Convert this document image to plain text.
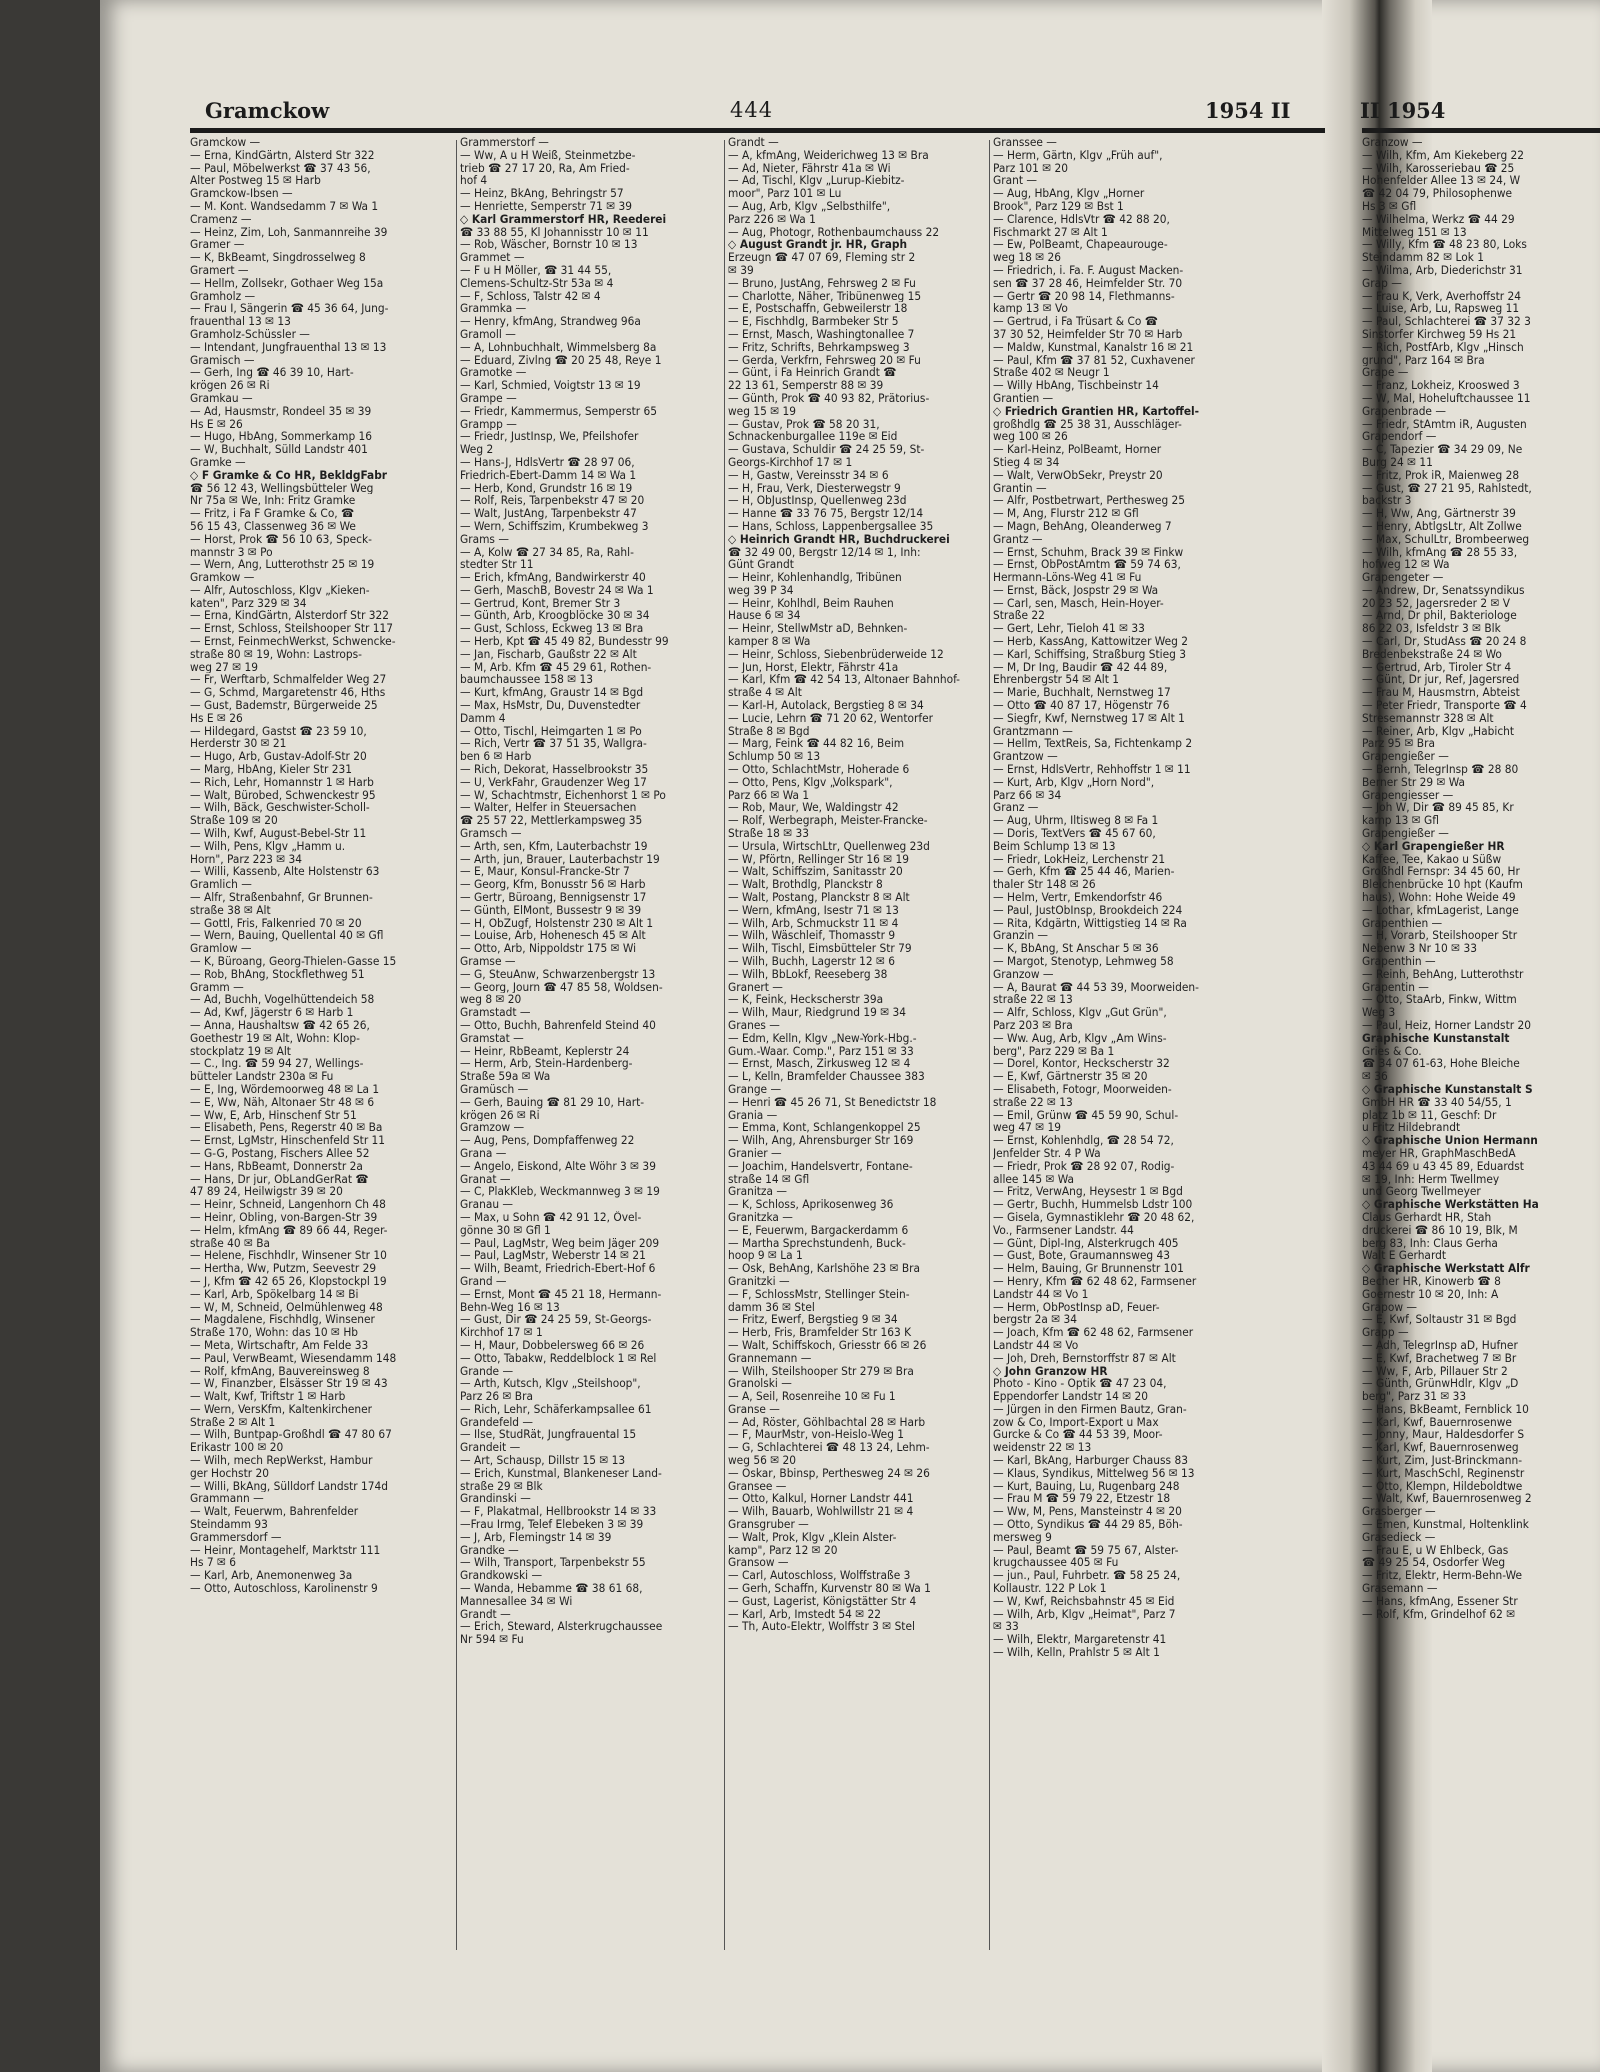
Gramckow	444	1954 II	II 1954
Gramckow —
— Erna, KindGärtn, Alsterd Str 322
— Paul, Möbelwerkst ☎ 37 43 56,
Alter Postweg 15 ✉ Harb
Gramckow-Ibsen —
— M. Kont. Wandsedamm 7 ✉ Wa 1
Cramenz —
— Heinz, Zim, Loh, Sanmannreihe 39
Gramer —
— K, BkBeamt, Singdrosselweg 8
Gramert —
— Hellm, Zollsekr, Gothaer Weg 15a
Gramholz —
— Frau I, Sängerin ☎ 45 36 64, Jung-
frauenthal 13 ✉ 13
Gramholz-Schüssler —
— Intendant, Jungfrauenthal 13 ✉ 13
Gramisch —
— Gerh, Ing ☎ 46 39 10, Hart-
krögen 26 ✉ Ri
Gramkau —
— Ad, Hausmstr, Rondeel 35 ✉ 39
Hs E ✉ 26
— Hugo, HbAng, Sommerkamp 16
— W, Buchhalt, Sülld Landstr 401
Gramke —
◇ F Gramke & Co HR, BekldgFabr
☎ 56 12 43, Wellingsbütteler Weg
Nr 75a ✉ We, Inh: Fritz Gramke
— Fritz, i Fa F Gramke & Co, ☎
56 15 43, Classenweg 36 ✉ We
— Horst, Prok ☎ 56 10 63, Speck-
mannstr 3 ✉ Po
— Wern, Ang, Lutterothstr 25 ✉ 19
Gramkow —
— Alfr, Autoschloss, Klgv „Kieken-
katen", Parz 329 ✉ 34
— Erna, KindGärtn, Alsterdorf Str 322
— Ernst, Schloss, Steilshooper Str 117
— Ernst, FeinmechWerkst, Schwencke-
straße 80 ✉ 19, Wohn: Lastrops-
weg 27 ✉ 19
— Fr, Werftarb, Schmalfelder Weg 27
— G, Schmd, Margaretenstr 46, Hths
— Gust, Bademstr, Bürgerweide 25
Hs E ✉ 26
— Hildegard, Gastst ☎ 23 59 10,
Herderstr 30 ✉ 21
— Hugo, Arb, Gustav-Adolf-Str 20
— Marg, HbAng, Kieler Str 231
— Rich, Lehr, Homannstr 1 ✉ Harb
— Walt, Bürobed, Schwenckestr 95
— Wilh, Bäck, Geschwister-Scholl-
Straße 109 ✉ 20
— Wilh, Kwf, August-Bebel-Str 11
— Wilh, Pens, Klgv „Hamm u.
Horn", Parz 223 ✉ 34
— Willi, Kassenb, Alte Holstenstr 63
Gramlich —
— Alfr, Straßenbahnf, Gr Brunnen-
straße 38 ✉ Alt
— Gottl, Fris, Falkenried 70 ✉ 20
— Wern, Bauing, Quellental 40 ✉ Gfl
Gramlow —
— K, Büroang, Georg-Thielen-Gasse 15
— Rob, BhAng, Stockflethweg 51
Gramm —
— Ad, Buchh, Vogelhüttendeich 58
— Ad, Kwf, Jägerstr 6 ✉ Harb 1
— Anna, Haushaltsw ☎ 42 65 26,
Goethestr 19 ✉ Alt, Wohn: Klop-
stockplatz 19 ✉ Alt
— C., Ing. ☎ 59 94 27, Wellings-
bütteler Landstr 230a ✉ Fu
— E, Ing, Wördemoorweg 48 ✉ La 1
— E, Ww, Näh, Altonaer Str 48 ✉ 6
— Ww, E, Arb, Hinschenf Str 51
— Elisabeth, Pens, Regerstr 40 ✉ Ba
— Ernst, LgMstr, Hinschenfeld Str 11
— G-G, Postang, Fischers Allee 52
— Hans, RbBeamt, Donnerstr 2a
— Hans, Dr jur, ObLandGerRat ☎
47 89 24, Heilwigstr 39 ✉ 20
— Heinr, Schneid, Langenhorn Ch 48
— Heinr, Obling, von-Bargen-Str 39
— Helm, kfmAng ☎ 89 66 44, Reger-
straße 40 ✉ Ba
— Helene, Fischhdlr, Winsener Str 10
— Hertha, Ww, Putzm, Seevestr 29
— J, Kfm ☎ 42 65 26, Klopstockpl 19
— Karl, Arb, Spökelbarg 14 ✉ Bi
— W, M, Schneid, Oelmühlenweg 48
— Magdalene, Fischhdlg, Winsener
Straße 170, Wohn: das 10 ✉ Hb
— Meta, Wirtschaftr, Am Felde 33
— Paul, VerwBeamt, Wiesendamm 148
— Rolf, kfmAng, Bauvereinsweg 8
— W, Finanzber, Elsässer Str 19 ✉ 43
— Walt, Kwf, Triftstr 1 ✉ Harb
— Wern, VersKfm, Kaltenkirchener
Straße 2 ✉ Alt 1
— Wilh, Buntpap-Großhdl ☎ 47 80 67
Erikastr 100 ✉ 20
— Wilh, mech RepWerkst, Hambur
ger Hochstr 20
— Willi, BkAng, Sülldorf Landstr 174d
Grammann —
— Walt, Feuerwm, Bahrenfelder
Steindamm 93
Grammersdorf —
— Heinr, Montagehelf, Marktstr 111
Hs 7 ✉ 6
— Karl, Arb, Anemonenweg 3a
— Otto, Autoschloss, Karolinenstr 9
Grammerstorf —
— Ww, A u H Weiß, Steinmetzbe-
trieb ☎ 27 17 20, Ra, Am Fried-
hof 4
— Heinz, BkAng, Behringstr 57
— Henriette, Semperstr 71 ✉ 39
◇ Karl Grammerstorf HR, Reederei
☎ 33 88 55, Kl Johannisstr 10 ✉ 11
— Rob, Wäscher, Bornstr 10 ✉ 13
Grammet —
— F u H Möller, ☎ 31 44 55,
Clemens-Schultz-Str 53a ✉ 4
— F, Schloss, Talstr 42 ✉ 4
Grammka —
— Henry, kfmAng, Strandweg 96a
Gramoll —
— A, Lohnbuchhalt, Wimmelsberg 8a
— Eduard, Zivlng ☎ 20 25 48, Reye 1
Gramotke —
— Karl, Schmied, Voigtstr 13 ✉ 19
Grampe —
— Friedr, Kammermus, Semperstr 65
Grampp —
— Friedr, JustInsp, We, Pfeilshofer
Weg 2
— Hans-J, HdlsVertr ☎ 28 97 06,
Friedrich-Ebert-Damm 14 ✉ Wa 1
— Herb, Kond, Grundstr 16 ✉ 19
— Rolf, Reis, Tarpenbekstr 47 ✉ 20
— Walt, JustAng, Tarpenbekstr 47
— Wern, Schiffszim, Krumbekweg 3
Grams —
— A, Kolw ☎ 27 34 85, Ra, Rahl-
stedter Str 11
— Erich, kfmAng, Bandwirkerstr 40
— Gerh, MaschB, Bovestr 24 ✉ Wa 1
— Gertrud, Kont, Bremer Str 3
— Günth, Arb, Kroogblöcke 30 ✉ 34
— Gust, Schloss, Eckweg 13 ✉ Bra
— Herb, Kpt ☎ 45 49 82, Bundesstr 99
— Jan, Fischarb, Gaußstr 22 ✉ Alt
— M, Arb. Kfm ☎ 45 29 61, Rothen-
baumchaussee 158 ✉ 13
— Kurt, kfmAng, Graustr 14 ✉ Bgd
— Max, HsMstr, Du, Duvenstedter
Damm 4
— Otto, Tischl, Heimgarten 1 ✉ Po
— Rich, Vertr ☎ 37 51 35, Wallgra-
ben 6 ✉ Harb
— Rich, Dekorat, Hasselbrookstr 35
— U, VerkFahr, Graudenzer Weg 17
— W, Schachtmstr, Eichenhorst 1 ✉ Po
— Walter, Helfer in Steuersachen
☎ 25 57 22, Mettlerkampsweg 35
Gramsch —
— Arth, sen, Kfm, Lauterbachstr 19
— Arth, jun, Brauer, Lauterbachstr 19
— E, Maur, Konsul-Francke-Str 7
— Georg, Kfm, Bonusstr 56 ✉ Harb
— Gertr, Büroang, Bennigsenstr 17
— Günth, ElMont, Bussestr 9 ✉ 39
— H, ObZugf, Holstenstr 230 ✉ Alt 1
— Louise, Arb, Hohenesch 45 ✉ Alt
— Otto, Arb, Nippoldstr 175 ✉ Wi
Gramse —
— G, SteuAnw, Schwarzenbergstr 13
— Georg, Journ ☎ 47 85 58, Woldsen-
weg 8 ✉ 20
Gramstadt —
— Otto, Buchh, Bahrenfeld Steind 40
Gramstat —
— Heinr, RbBeamt, Keplerstr 24
— Herm, Arb, Stein-Hardenberg-
Straße 59a ✉ Wa
Gramüsch —
— Gerh, Bauing ☎ 81 29 10, Hart-
krögen 26 ✉ Ri
Gramzow —
— Aug, Pens, Dompfaffenweg 22
Grana —
— Angelo, Eiskond, Alte Wöhr 3 ✉ 39
Granat —
— C, PlakKleb, Weckmannweg 3 ✉ 19
Granau —
— Max, u Sohn ☎ 42 91 12, Övel-
gönne 30 ✉ Gfl 1
— Paul, LagMstr, Weg beim Jäger 209
— Paul, LagMstr, Weberstr 14 ✉ 21
— Wilh, Beamt, Friedrich-Ebert-Hof 6
Grand —
— Ernst, Mont ☎ 45 21 18, Hermann-
Behn-Weg 16 ✉ 13
— Gust, Dir ☎ 24 25 59, St-Georgs-
Kirchhof 17 ✉ 1
— H, Maur, Dobbelersweg 66 ✉ 26
— Otto, Tabakw, Reddelblock 1 ✉ Rel
Grande —
— Arth, Kutsch, Klgv „Steilshoop",
Parz 26 ✉ Bra
— Rich, Lehr, Schäferkampsallee 61
Grandefeld —
— Ilse, StudRät, Jungfrauental 15
Grandeit —
— Art, Schausp, Dillstr 15 ✉ 13
— Erich, Kunstmal, Blankeneser Land-
straße 29 ✉ Blk
Grandinski —
— F, Plakatmal, Hellbrookstr 14 ✉ 33
—Frau Irmg, Telef Elebeken 3 ✉ 39
— J, Arb, Flemingstr 14 ✉ 39
Grandke —
— Wilh, Transport, Tarpenbekstr 55
Grandkowski —
— Wanda, Hebamme ☎ 38 61 68,
Mannesallee 34 ✉ Wi
Grandt —
— Erich, Steward, Alsterkrugchaussee
Nr 594 ✉ Fu
Grandt —
— A, kfmAng, Weiderichweg 13 ✉ Bra
— Ad, Nieter, Fährstr 41a ✉ Wi
— Ad, Tischl, Klgv „Lurup-Kiebitz-
moor", Parz 101 ✉ Lu
— Aug, Arb, Klgv „Selbsthilfe",
Parz 226 ✉ Wa 1
— Aug, Photogr, Rothenbaumchauss 22
◇ August Grandt jr. HR, Graph
Erzeugn ☎ 47 07 69, Fleming str 2
✉ 39
— Bruno, JustAng, Fehrsweg 2 ✉ Fu
— Charlotte, Näher, Tribünenweg 15
— E, Postschaffn, Gebweilerstr 18
— E, Fischhdlg, Barmbeker Str 5
— Ernst, Masch, Washingtonallee 7
— Fritz, Schrifts, Behrkampsweg 3
— Gerda, Verkfrn, Fehrsweg 20 ✉ Fu
— Günt, i Fa Heinrich Grandt ☎
22 13 61, Semperstr 88 ✉ 39
— Günth, Prok ☎ 40 93 82, Prätorius-
weg 15 ✉ 19
— Gustav, Prok ☎ 58 20 31,
Schnackenburgallee 119e ✉ Eid
— Gustava, Schuldir ☎ 24 25 59, St-
Georgs-Kirchhof 17 ✉ 1
— H, Gastw, Vereinsstr 34 ✉ 6
— H, Frau, Verk, Diesterwegstr 9
— H, ObJustInsp, Quellenweg 23d
— Hanne ☎ 33 76 75, Bergstr 12/14
— Hans, Schloss, Lappenbergsallee 35
◇ Heinrich Grandt HR, Buchdruckerei
☎ 32 49 00, Bergstr 12/14 ✉ 1, Inh:
Günt Grandt
— Heinr, Kohlenhandlg, Tribünen
weg 39 P 34
— Heinr, Kohlhdl, Beim Rauhen
Hause 6 ✉ 34
— Heinr, StellwMstr aD, Behnken-
kamper 8 ✉ Wa
— Heinr, Schloss, Siebenbrüderweide 12
— Jun, Horst, Elektr, Fährstr 41a
— Karl, Kfm ☎ 42 54 13, Altonaer Bahnhof-
straße 4 ✉ Alt
— Karl-H, Autolack, Bergstieg 8 ✉ 34
— Lucie, Lehrn ☎ 71 20 62, Wentorfer
Straße 8 ✉ Bgd
— Marg, Feink ☎ 44 82 16, Beim
Schlump 50 ✉ 13
— Otto, SchlachtMstr, Hoherade 6
— Otto, Pens, Klgv „Volkspark",
Parz 66 ✉ Wa 1
— Rob, Maur, We, Waldingstr 42
— Rolf, Werbegraph, Meister-Francke-
Straße 18 ✉ 33
— Ursula, WirtschLtr, Quellenweg 23d
— W, Pförtn, Rellinger Str 16 ✉ 19
— Walt, Schiffszim, Sanitasstr 20
— Walt, Brothdlg, Planckstr 8
— Walt, Postang, Planckstr 8 ✉ Alt
— Wern, kfmAng, Isestr 71 ✉ 13
— Wilh, Arb, Schmuckstr 11 ✉ 4
— Wilh, Wäschleif, Thomasstr 9
— Wilh, Tischl, Eimsbütteler Str 79
— Wilh, Buchh, Lagerstr 12 ✉ 6
— Wilh, BbLokf, Reeseberg 38
Granert —
— K, Feink, Heckscherstr 39a
— Wilh, Maur, Riedgrund 19 ✉ 34
Granes —
— Edm, Kelln, Klgv „New-York-Hbg.-
Gum.-Waar. Comp.", Parz 151 ✉ 33
— Ernst, Masch, Zirkusweg 12 ✉ 4
— L, Kelln, Bramfelder Chaussee 383
Grange —
— Henri ☎ 45 26 71, St Benedictstr 18
Grania —
— Emma, Kont, Schlangenkoppel 25
— Wilh, Ang, Ahrensburger Str 169
Granier —
— Joachim, Handelsvertr, Fontane-
straße 14 ✉ Gfl
Granitza —
— K, Schloss, Aprikosenweg 36
Granitzka —
— E, Feuerwm, Bargackerdamm 6
— Martha Sprechstundenh, Buck-
hoop 9 ✉ La 1
— Osk, BehAng, Karlshöhe 23 ✉ Bra
Granitzki —
— F, SchlossMstr, Stellinger Stein-
damm 36 ✉ Stel
— Fritz, Ewerf, Bergstieg 9 ✉ 34
— Herb, Fris, Bramfelder Str 163 K
— Walt, Schiffskoch, Griesstr 66 ✉ 26
Grannemann —
— Wilh, Steilshooper Str 279 ✉ Bra
Granolski —
— A, Seil, Rosenreihe 10 ✉ Fu 1
Granse —
— Ad, Röster, Göhlbachtal 28 ✉ Harb
— F, MaurMstr, von-Heislo-Weg 1
— G, Schlachterei ☎ 48 13 24, Lehm-
weg 56 ✉ 20
— Oskar, Bbinsp, Perthesweg 24 ✉ 26
Gransee —
— Otto, Kalkul, Horner Landstr 441
— Wilh, Bauarb, Wohlwillstr 21 ✉ 4
Gransgruber —
— Walt, Prok, Klgv „Klein Alster-
kamp", Parz 12 ✉ 20
Gransow —
— Carl, Autoschloss, Wolffstraße 3
— Gerh, Schaffn, Kurvenstr 80 ✉ Wa 1
— Gust, Lagerist, Königstätter Str 4
— Karl, Arb, Imstedt 54 ✉ 22
— Th, Auto-Elektr, Wolffstr 3 ✉ Stel
Granssee —
— Herm, Gärtn, Klgv „Früh auf",
Parz 101 ✉ 20
Grant —
— Aug, HbAng, Klgv „Horner
Brook", Parz 129 ✉ Bst 1
— Clarence, HdlsVtr ☎ 42 88 20,
Fischmarkt 27 ✉ Alt 1
— Ew, PolBeamt, Chapeaurouge-
weg 18 ✉ 26
— Friedrich, i. Fa. F. August Macken-
sen ☎ 37 28 46, Heimfelder Str. 70
— Gertr ☎ 20 98 14, Flethmanns-
kamp 13 ✉ Vo
— Gertrud, i Fa Trüsart & Co ☎
37 30 52, Heimfelder Str 70 ✉ Harb
— Maldw, Kunstmal, Kanalstr 16 ✉ 21
— Paul, Kfm ☎ 37 81 52, Cuxhavener
Straße 402 ✉ Neugr 1
— Willy HbAng, Tischbeinstr 14
Grantien —
◇ Friedrich Grantien HR, Kartoffel-
großhdlg ☎ 25 38 31, Ausschläger-
weg 100 ✉ 26
— Karl-Heinz, PolBeamt, Horner
Stieg 4 ✉ 34
— Walt, VerwObSekr, Preystr 20
Grantin —
— Alfr, Postbetrwart, Perthesweg 25
— M, Ang, Flurstr 212 ✉ Gfl
— Magn, BehAng, Oleanderweg 7
Grantz —
— Ernst, Schuhm, Brack 39 ✉ Finkw
— Ernst, ObPostAmtm ☎ 59 74 63,
Hermann-Löns-Weg 41 ✉ Fu
— Ernst, Bäck, Jospstr 29 ✉ Wa
— Carl, sen, Masch, Hein-Hoyer-
Straße 22
— Gert, Lehr, Tieloh 41 ✉ 33
— Herb, KassAng, Kattowitzer Weg 2
— Karl, Schiffsing, Straßburg Stieg 3
— M, Dr Ing, Baudir ☎ 42 44 89,
Ehrenbergstr 54 ✉ Alt 1
— Marie, Buchhalt, Nernstweg 17
— Otto ☎ 40 87 17, Högenstr 76
— Siegfr, Kwf, Nernstweg 17 ✉ Alt 1
Grantzmann —
— Hellm, TextReis, Sa, Fichtenkamp 2
Grantzow —
— Ernst, HdlsVertr, Rehhoffstr 1 ✉ 11
— Kurt, Arb, Klgv „Horn Nord",
Parz 66 ✉ 34
Granz —
— Aug, Uhrm, Iltisweg 8 ✉ Fa 1
— Doris, TextVers ☎ 45 67 60,
Beim Schlump 13 ✉ 13
— Friedr, LokHeiz, Lerchenstr 21
— Gerh, Kfm ☎ 25 44 46, Marien-
thaler Str 148 ✉ 26
— Helm, Vertr, Emkendorfstr 46
— Paul, JustObInsp, Brookdeich 224
— Rita, Kdgärtn, Wittigstieg 14 ✉ Ra
Granzin —
— K, BbAng, St Anschar 5 ✉ 36
— Margot, Stenotyp, Lehmweg 58
Granzow —
— A, Baurat ☎ 44 53 39, Moorweiden-
straße 22 ✉ 13
— Alfr, Schloss, Klgv „Gut Grün",
Parz 203 ✉ Bra
— Ww. Aug, Arb, Klgv „Am Wins-
berg", Parz 229 ✉ Ba 1
— Dorel, Kontor, Heckscherstr 32
— E, Kwf, Gärtnerstr 35 ✉ 20
— Elisabeth, Fotogr, Moorweiden-
straße 22 ✉ 13
— Emil, Grünw ☎ 45 59 90, Schul-
weg 47 ✉ 19
— Ernst, Kohlenhdlg, ☎ 28 54 72,
Jenfelder Str. 4 P Wa
— Friedr, Prok ☎ 28 92 07, Rodig-
allee 145 ✉ Wa
— Fritz, VerwAng, Heysestr 1 ✉ Bgd
— Gertr, Buchh, Hummelsb Ldstr 100
— Gisela, Gymnastiklehr ☎ 20 48 62,
Vo., Farmsener Landstr. 44
— Günt, Dipl-Ing, Alsterkrugch 405
— Gust, Bote, Graumannsweg 43
— Helm, Bauing, Gr Brunnenstr 101
— Henry, Kfm ☎ 62 48 62, Farmsener
Landstr 44 ✉ Vo 1
— Herm, ObPostInsp aD, Feuer-
bergstr 2a ✉ 34
— Joach, Kfm ☎ 62 48 62, Farmsener
Landstr 44 ✉ Vo
— Joh, Dreh, Bernstorffstr 87 ✉ Alt
◇ John Granzow HR
Photo - Kino - Optik ☎ 47 23 04,
Eppendorfer Landstr 14 ✉ 20
— Jürgen in den Firmen Bautz, Gran-
zow & Co, Import-Export u Max
Gurcke & Co ☎ 44 53 39, Moor-
weidenstr 22 ✉ 13
— Karl, BkAng, Harburger Chauss 83
— Klaus, Syndikus, Mittelweg 56 ✉ 13
— Kurt, Bauing, Lu, Rugenbarg 248
— Frau M ☎ 59 79 22, Etzestr 18
— Ww, M, Pens, Mansteinstr 4 ✉ 20
— Otto, Syndikus ☎ 44 29 85, Böh-
mersweg 9
— Paul, Beamt ☎ 59 75 67, Alster-
krugchaussee 405 ✉ Fu
— jun., Paul, Fuhrbetr. ☎ 58 25 24,
Kollaustr. 122 P Lok 1
— W, Kwf, Reichsbahnstr 45 ✉ Eid
— Wilh, Arb, Klgv „Heimat", Parz 7
✉ 33
— Wilh, Elektr, Margaretenstr 41
— Wilh, Kelln, Prahlstr 5 ✉ Alt 1
Granzow —
— Wilh, Kfm, Am Kiekeberg 22
— Wilh, Karosseriebau ☎ 25
Hohenfelder Allee 13 ✉ 24, W
☎ 42 04 79, Philosophenwe
Hs 3 ✉ Gfl
— Wilhelma, Werkz ☎ 44 29
Mittelweg 151 ✉ 13
— Willy, Kfm ☎ 48 23 80, Loks
Steindamm 82 ✉ Lok 1
— Wilma, Arb, Diederichstr 31
Grap —
— Frau K, Verk, Averhoffstr 24
— Luise, Arb, Lu, Rapsweg 11
— Paul, Schlachterei ☎ 37 32 3
Sinstorfer Kirchweg 59 Hs 21
— Rich, PostfArb, Klgv „Hinsch
grund", Parz 164 ✉ Bra
Grape —
— Franz, Lokheiz, Krooswed 3
— W, Mal, Hoheluftchaussee 11
Grapenbrade —
— Friedr, StAmtm iR, Augusten
Grapendorf —
— C, Tapezier ☎ 34 29 09, Ne
Burg 24 ✉ 11
— Fritz, Prok iR, Maienweg 28
— Gust, ☎ 27 21 95, Rahlstedt,
backstr 3
— H, Ww, Ang, Gärtnerstr 39
— Henry, AbtlgsLtr, Alt Zollwe
— Max, SchulLtr, Brombeerweg
— Wilh, kfmAng ☎ 28 55 33,
hofweg 12 ✉ Wa
Grapengeter —
— Andrew, Dr, Senatssyndikus
20 23 52, Jagersreder 2 ✉ V
— Arnd, Dr phil, Bakteriologe
86 22 03, Isfeldstr 3 ✉ Blk
— Carl, Dr, StudAss ☎ 20 24 8
Bredenbekstraße 24 ✉ Wo
— Gertrud, Arb, Tiroler Str 4
— Günt, Dr jur, Ref, Jagersred
— Frau M, Hausmstrn, Abteist
— Peter Friedr, Transporte ☎ 4
Stresemannstr 328 ✉ Alt
— Reiner, Arb, Klgv „Habicht
Parz 95 ✉ Bra
Grapengießer —
— Bernh, TelegrInsp ☎ 28 80
Berner Str 29 ✉ Wa
Grapengiesser —
— Joh W, Dir ☎ 89 45 85, Kr
kamp 13 ✉ Gfl
Grapengießer —
◇ Karl Grapengießer HR
Kaffee, Tee, Kakao u Süßw
Großhdl Fernspr: 34 45 60, Hr
Bleichenbrücke 10 hpt (Kaufm
haus), Wohn: Hohe Weide 49
— Lothar, kfmLagerist, Lange
Grapenthien —
— H, Vorarb, Steilshooper Str
Nebenw 3 Nr 10 ✉ 33
Grapenthin —
— Reinh, BehAng, Lutterothstr
Grapentin —
— Otto, StaArb, Finkw, Wittm
Weg 3
— Paul, Heiz, Horner Landstr 20
Graphische Kunstanstalt
Gries & Co.
☎ 34 07 61-63, Hohe Bleiche
✉ 36
◇ Graphische Kunstanstalt S
GmbH HR ☎ 33 40 54/55, 1
platz 1b ✉ 11, Geschf: Dr
u Fritz Hildebrandt
◇ Graphische Union Hermann
meyer HR, GraphMaschBedA
43 44 69 u 43 45 89, Eduardst
✉ 19, Inh: Herm Twellmey
und Georg Twellmeyer
◇ Graphische Werkstätten Ha
Claus Gerhardt HR, Stah
druckerei ☎ 86 10 19, Blk, M
berg 83, Inh: Claus Gerha
Walt E Gerhardt
◇ Graphische Werkstatt Alfr
Becher HR, Kinowerb ☎ 8
Goernestr 10 ✉ 20, Inh: A
Grapow —
— E, Kwf, Soltaustr 31 ✉ Bgd
Grapp —
— Adh, TelegrInsp aD, Hufner
— E, Kwf, Brachetweg 7 ✉ Br
— Ww, F, Arb, Pillauer Str 2
— Günth, GrünwHdlr, Klgv „D
berg", Parz 31 ✉ 33
— Hans, BkBeamt, Fernblick 10
— Karl, Kwf, Bauernrosenwe
— Jonny, Maur, Haldesdorfer S
— Karl, Kwf, Bauernrosenweg
— Kurt, Zim, Just-Brinckmann-
— Kurt, MaschSchl, Reginenstr
— Otto, Klempn, Hildeboldtwe
— Walt, Kwf, Bauernrosenweg 2
Grasberger —
— Emen, Kunstmal, Holtenklink
Grasedieck —
— Frau E, u W Ehlbeck, Gas
☎ 49 25 54, Osdorfer Weg
— Fritz, Elektr, Herm-Behn-We
Grasemann —
— Hans, kfmAng, Essener Str
— Rolf, Kfm, Grindelhof 62 ✉
